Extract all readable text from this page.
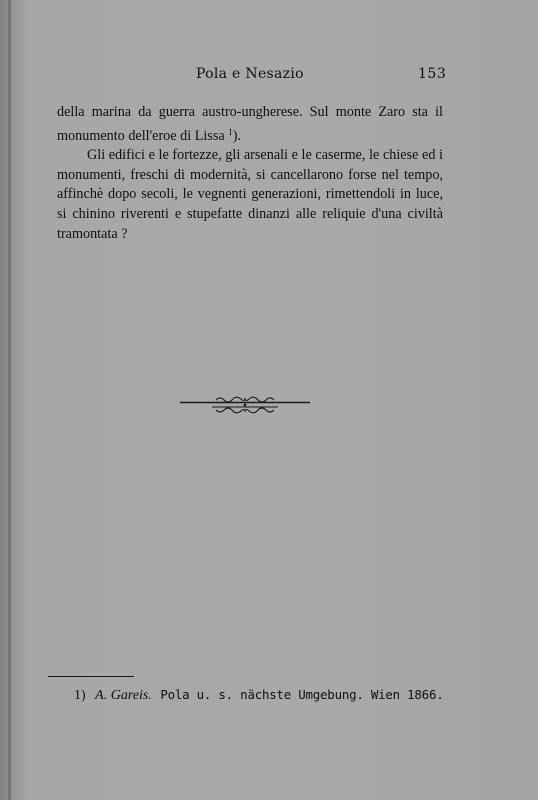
Pola e Nesazio	153

della marina da guerra austro-ungherese. Sul monte Zaro sta il monumento dell'eroe di Lissa $^1$).

Gli edifici e le fortezze, gli arsenali e le caserme, le chiese ed i monumenti, freschi di modernità, si cancellarono forse nel tempo, affinchè dopo secoli, le vegnenti generazioni, rimettendoli in luce, si chinino riverenti e stupefatte dinanzi alle reliquie d'una civiltà tramontata ?

1) A. Gareis. Pola u. s. nächste Umgebung. Wien 1866.
